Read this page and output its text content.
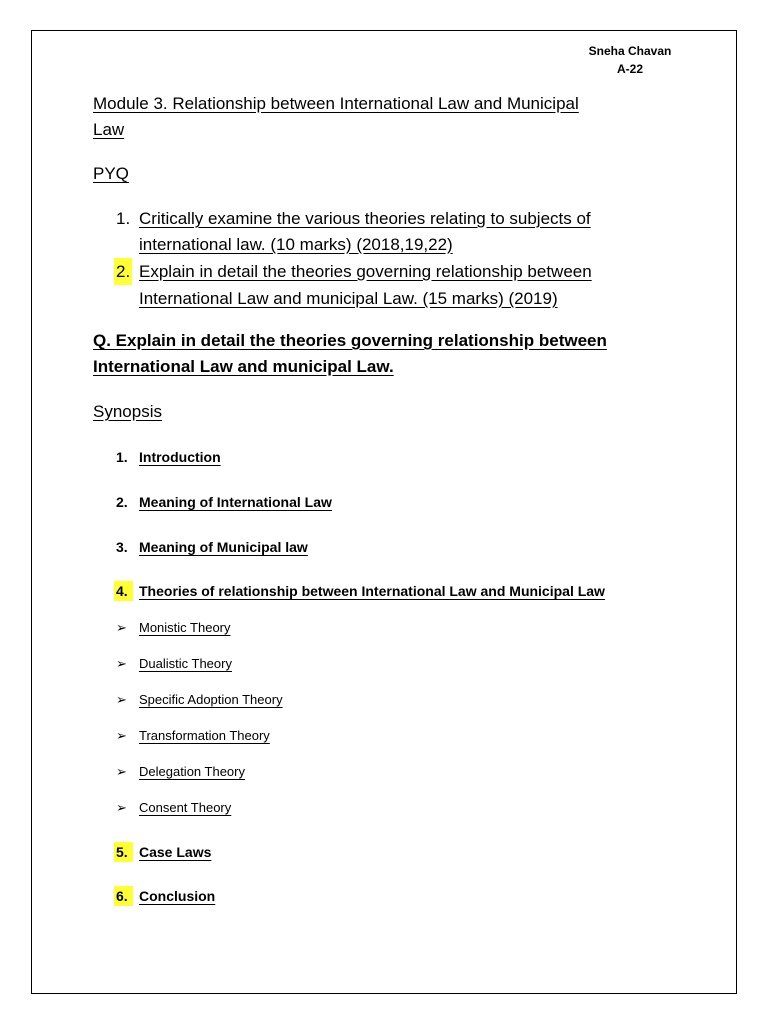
Sneha Chavan
A-22
Module 3. Relationship between International Law and Municipal
Law
PYQ
1. Critically examine the various theories relating to subjects of
international law. (10 marks) (2018,19,22)
2. Explain in detail the theories governing relationship between
International Law and municipal Law. (15 marks) (2019)
Q. Explain in detail the theories governing relationship between
International Law and municipal Law.
Synopsis
1. Introduction
2. Meaning of International Law
3. Meaning of Municipal law
4. Theories of relationship between International Law and Municipal Law
➢ Monistic Theory
➢ Dualistic Theory
➢ Specific Adoption Theory
➢ Transformation Theory
➢ Delegation Theory
➢ Consent Theory
5. Case Laws
6. Conclusion
